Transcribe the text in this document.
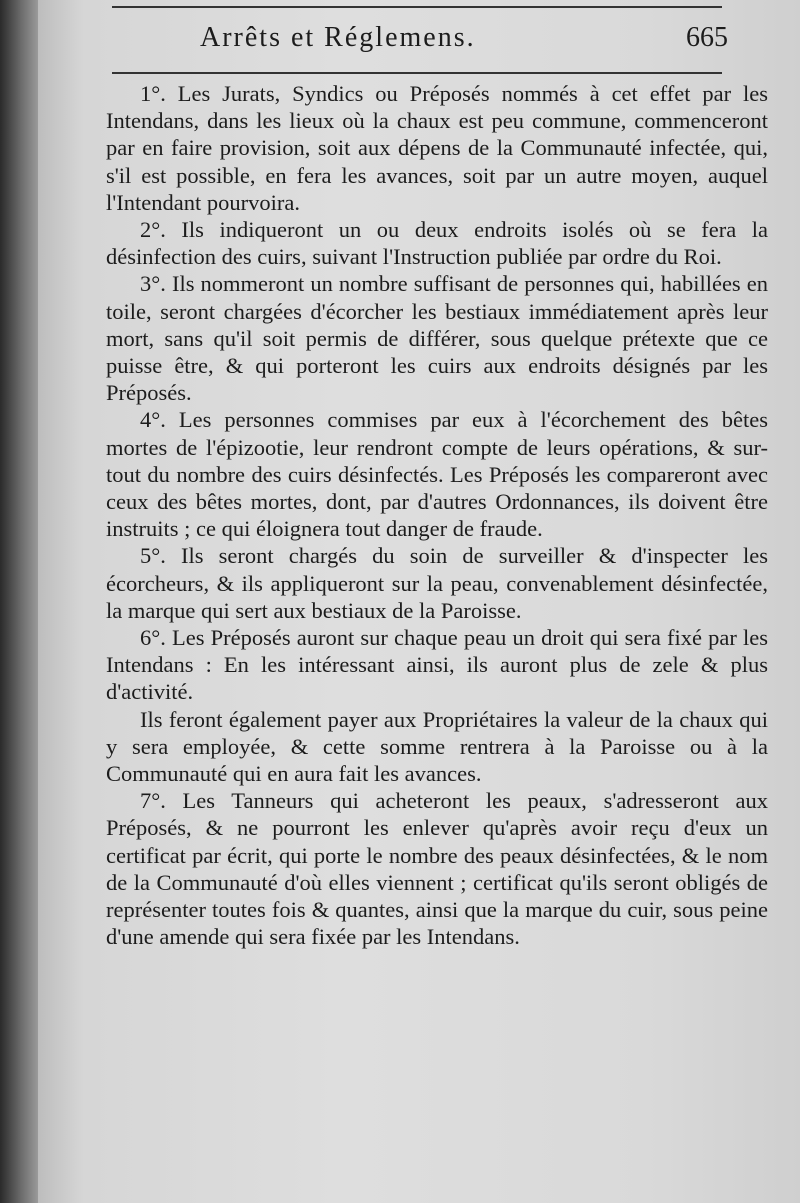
Arrêts et Réglemens.	665

1°. Les Jurats, Syndics ou Préposés nommés à cet effet par les Intendans, dans les lieux où la chaux est peu commune, commenceront par en faire provision, soit aux dépens de la Communauté infectée, qui, s'il est possible, en fera les avances, soit par un autre moyen, auquel l'Intendant pourvoira.

2°. Ils indiqueront un ou deux endroits isolés où se fera la désinfection des cuirs, suivant l'Instruction publiée par ordre du Roi.

3°. Ils nommeront un nombre suffisant de personnes qui, habillées en toile, seront chargées d'écorcher les bestiaux immédiatement après leur mort, sans qu'il soit permis de différer, sous quelque prétexte que ce puisse être, & qui porteront les cuirs aux endroits désignés par les Préposés.

4°. Les personnes commises par eux à l'écorchement des bêtes mortes de l'épizootie, leur rendront compte de leurs opérations, & sur-tout du nombre des cuirs désinfectés. Les Préposés les compareront avec ceux des bêtes mortes, dont, par d'autres Ordonnances, ils doivent être instruits ; ce qui éloignera tout danger de fraude.

5°. Ils seront chargés du soin de surveiller & d'inspecter les écorcheurs, & ils appliqueront sur la peau, convenablement désinfectée, la marque qui sert aux bestiaux de la Paroisse.

6°. Les Préposés auront sur chaque peau un droit qui sera fixé par les Intendans : En les intéressant ainsi, ils auront plus de zele & plus d'activité.

Ils feront également payer aux Propriétaires la valeur de la chaux qui y sera employée, & cette somme rentrera à la Paroisse ou à la Communauté qui en aura fait les avances.

7°. Les Tanneurs qui acheteront les peaux, s'adresseront aux Préposés, & ne pourront les enlever qu'après avoir reçu d'eux un certificat par écrit, qui porte le nombre des peaux désinfectées, & le nom de la Communauté d'où elles viennent ; certificat qu'ils seront obligés de représenter toutes fois & quantes, ainsi que la marque du cuir, sous peine d'une amende qui sera fixée par les Intendans.
